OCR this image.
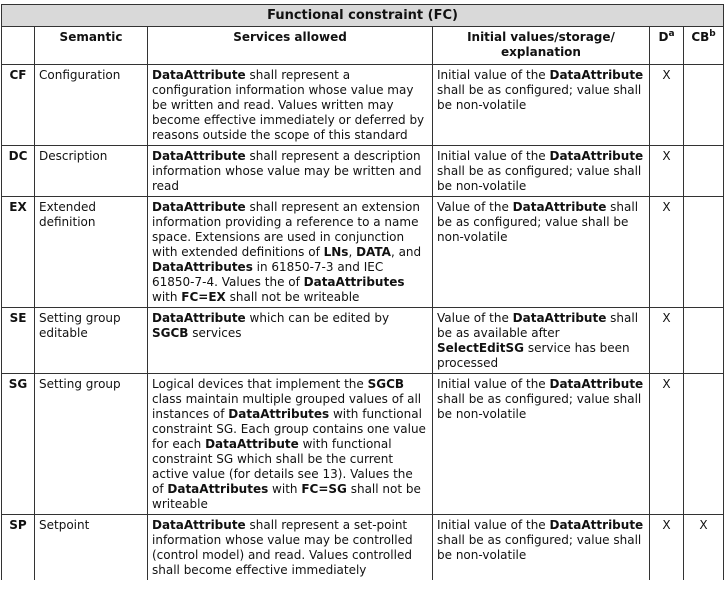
Functional constraint (FC)					
	Semantic	Services allowed	Initial values/storage/ explanation	$D^a$	$CB^b$
CF	Configuration	DataAttribute shall represent a configuration information whose value may be written and read. Values written may become effective immediately or deferred by reasons outside the scope of this standard	Initial value of the DataAttribute shall be as configured; value shall be non-volatile	X	
DC	Description	DataAttribute shall represent a description information whose value may be written and read	Initial value of the DataAttribute shall be as configured; value shall be non-volatile	X	
EX	Extended definition	DataAttribute shall represent an extension information providing a reference to a name space. Extensions are used in conjunction with extended definitions of LNs, DATA, and DataAttributes in 61850-7-3 and IEC 61850-7-4. Values the of DataAttributes with FC=EX shall not be writeable	Value of the DataAttribute shall be as configured; value shall be non-volatile	X	
SE	Setting group editable	DataAttribute which can be edited by SGCB services	Value of the DataAttribute shall be as available after SelectEditSG service has been processed	X	
SG	Setting group	Logical devices that implement the SGCB class maintain multiple grouped values of all instances of DataAttributes with functional constraint SG. Each group contains one value for each DataAttribute with functional constraint SG which shall be the current active value (for details see 13). Values the of DataAttributes with FC=SG shall not be writeable	Initial value of the DataAttribute shall be as configured; value shall be non-volatile	X	
SP	Setpoint	DataAttribute shall represent a set-point information whose value may be controlled (control model) and read. Values controlled shall become effective immediately	Initial value of the DataAttribute shall be as configured; value shall be non-volatile	X	X
